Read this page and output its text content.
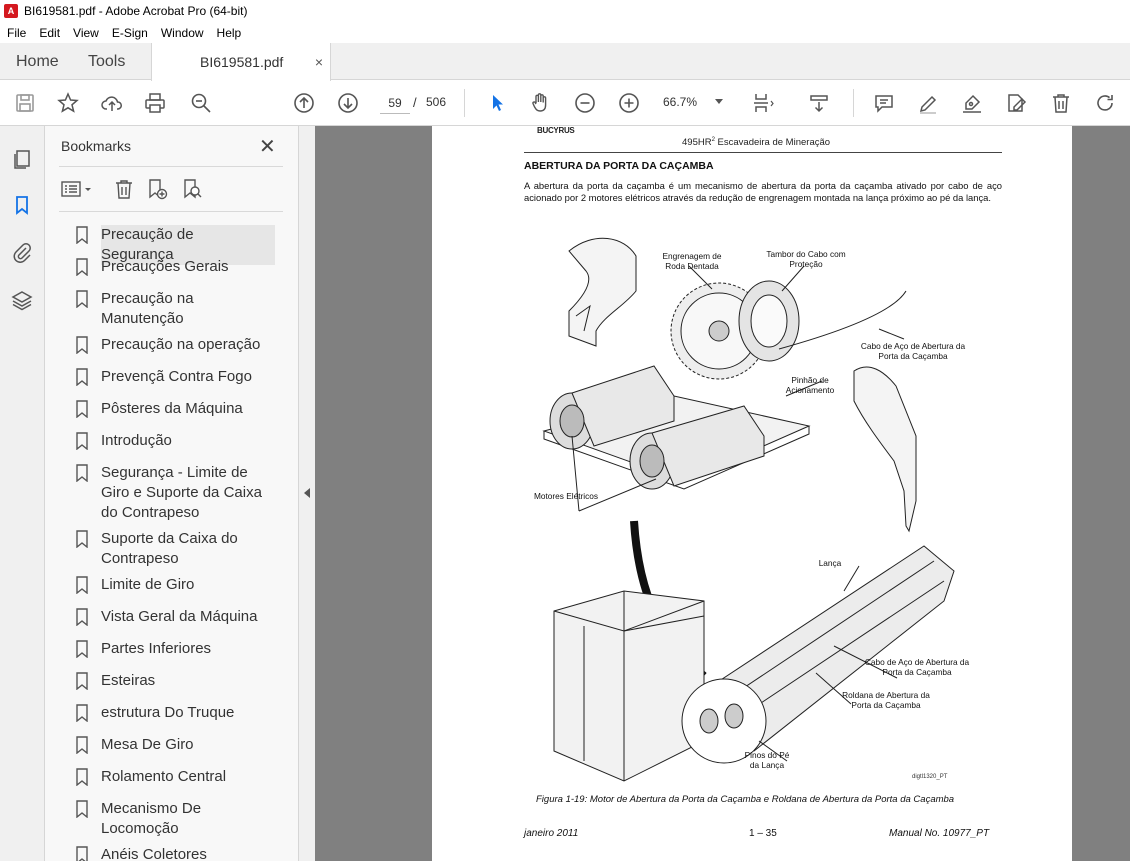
A BI619581.pdf - Adobe Acrobat Pro (64-bit)
File	Edit	View	E-Sign	Window	Help
Home Tools	BI619581.pdf ×
59 / 506	66.7%
Bookmarks	✕
Precaução de Segurança
Precauções Gerais
Precaução na Manutenção
Precaução na operação
Prevençã Contra Fogo
Pôsteres da Máquina
Introdução
Segurança - Limite de Giro e Suporte da Caixa do Contrapeso
Suporte da Caixa do Contrapeso
Limite de Giro
Vista Geral da Máquina
Partes Inferiores
Esteiras
estrutura Do Truque
Mesa De Giro
Rolamento Central
Mecanismo De Locomoção
Anéis Coletores
BUCYRUS
$495HR^2$ Escavadeira de Mineração
ABERTURA DA PORTA DA CAÇAMBA
A abertura da porta da caçamba é um mecanismo de abertura da porta da caçamba ativado por cabo de aço acionado por 2 motores elétricos através da redução de engrenagem montada na lança próximo ao pé da lança.
Engrenagem de Roda Dentada
Tambor do Cabo com Proteção
Cabo de Aço de Abertura da Porta da Caçamba
Pinhão de Acionamento
Motores Elétricos
Lança
Cabo de Aço de Abertura da Porta da Caçamba
Roldana de Abertura da Porta da Caçamba
Pinos do Pé da Lança
digtl1320_PT
Figura 1-19: Motor de Abertura da Porta da Caçamba e Roldana de Abertura da Porta da Caçamba
janeiro 2011	1 – 35	Manual No. 10977_PT
